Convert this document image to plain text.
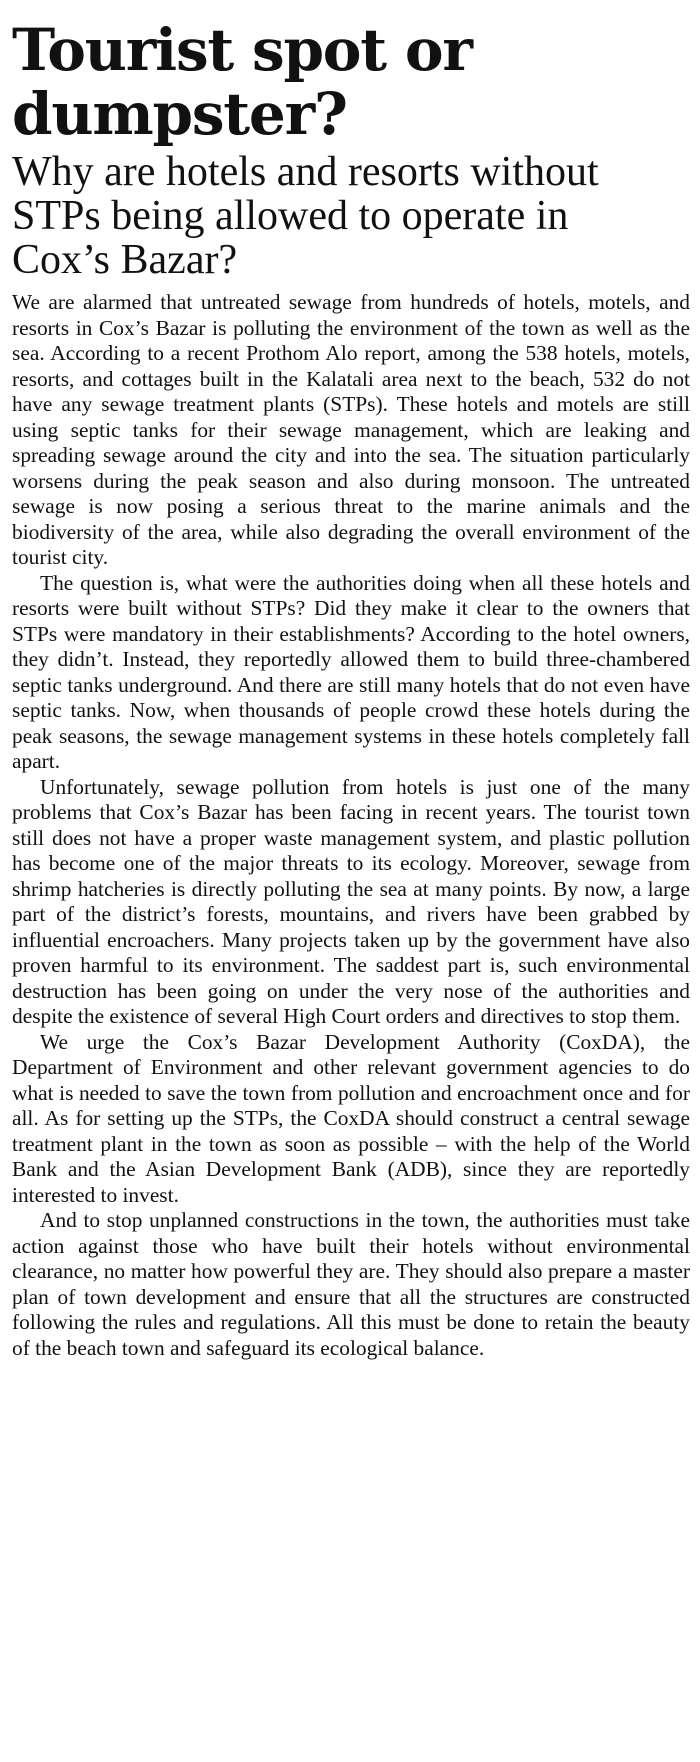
Tourist spot or dumpster?
Why are hotels and resorts without STPs being allowed to operate in Cox’s Bazar?

We are alarmed that untreated sewage from hundreds of hotels, motels, and resorts in Cox’s Bazar is polluting the environment of the town as well as the sea. According to a recent Prothom Alo report, among the 538 hotels, motels, resorts, and cottages built in the Kalatali area next to the beach, 532 do not have any sewage treatment plants (STPs). These hotels and motels are still using septic tanks for their sewage management, which are leaking and spreading sewage around the city and into the sea. The situation particularly worsens during the peak season and also during monsoon. The untreated sewage is now posing a serious threat to the marine animals and the biodiversity of the area, while also degrading the overall environment of the tourist city.

The question is, what were the authorities doing when all these hotels and resorts were built without STPs? Did they make it clear to the owners that STPs were mandatory in their establishments? According to the hotel owners, they didn’t. Instead, they reportedly allowed them to build three-chambered septic tanks underground. And there are still many hotels that do not even have septic tanks. Now, when thousands of people crowd these hotels during the peak seasons, the sewage management systems in these hotels completely fall apart.

Unfortunately, sewage pollution from hotels is just one of the many problems that Cox’s Bazar has been facing in recent years. The tourist town still does not have a proper waste management system, and plastic pollution has become one of the major threats to its ecology. Moreover, sewage from shrimp hatcheries is directly polluting the sea at many points. By now, a large part of the district’s forests, mountains, and rivers have been grabbed by influential encroachers. Many projects taken up by the government have also proven harmful to its environment. The saddest part is, such environmental destruction has been going on under the very nose of the authorities and despite the existence of several High Court orders and directives to stop them.

We urge the Cox’s Bazar Development Authority (CoxDA), the Department of Environment and other relevant government agencies to do what is needed to save the town from pollution and encroachment once and for all. As for setting up the STPs, the CoxDA should construct a central sewage treatment plant in the town as soon as possible – with the help of the World Bank and the Asian Development Bank (ADB), since they are reportedly interested to invest.

And to stop unplanned constructions in the town, the authorities must take action against those who have built their hotels without environmental clearance, no matter how powerful they are. They should also prepare a master plan of town development and ensure that all the structures are constructed following the rules and regulations. All this must be done to retain the beauty of the beach town and safeguard its ecological balance.
